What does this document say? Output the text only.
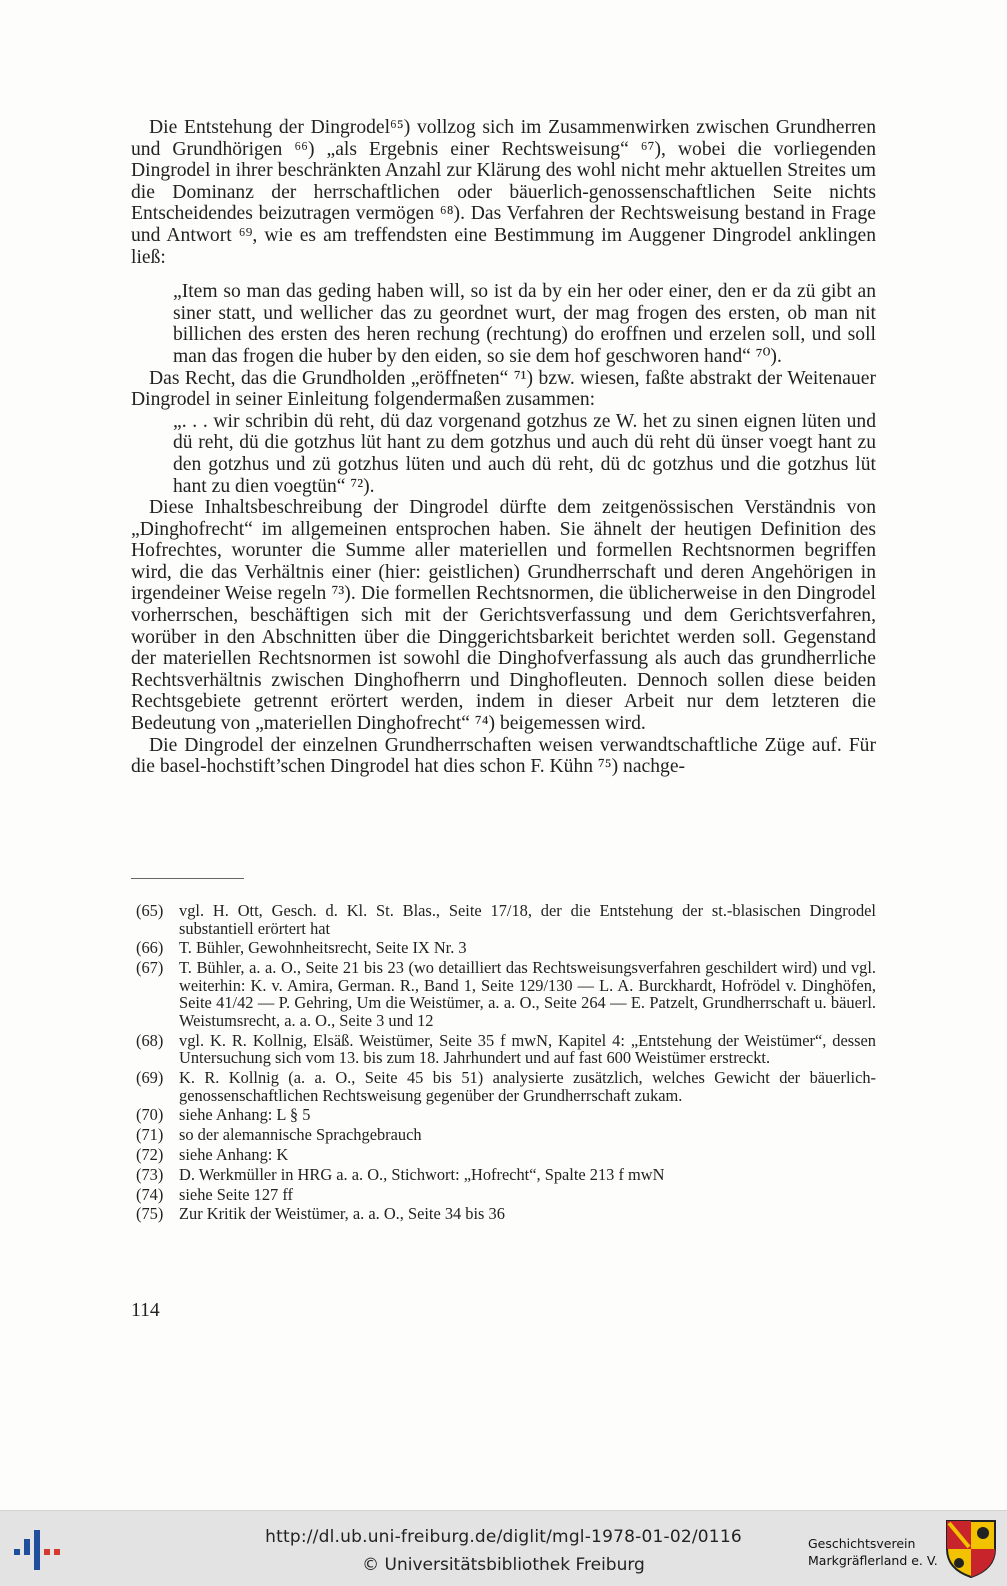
Die Entstehung der Dingrodel⁶⁵) vollzog sich im Zusammenwirken zwischen Grundherren und Grundhörigen ⁶⁶) „als Ergebnis einer Rechtsweisung“ ⁶⁷), wobei die vorliegenden Dingrodel in ihrer beschränkten Anzahl zur Klärung des wohl nicht mehr aktuellen Streites um die Dominanz der herrschaftlichen oder bäuerlich-genossenschaftlichen Seite nichts Entscheidendes beizutragen vermögen ⁶⁸). Das Verfahren der Rechtsweisung bestand in Frage und Antwort ⁶⁹, wie es am treffendsten eine Bestimmung im Auggener Dingrodel anklingen ließ:

„Item so man das geding haben will, so ist da by ein her oder einer, den er da zü gibt an siner statt, und wellicher das zu geordnet wurt, der mag frogen des ersten, ob man nit billichen des ersten des heren rechung (rechtung) do eroffnen und erzelen soll, und soll man das frogen die huber by den eiden, so sie dem hof geschworen hand“ ⁷⁰).

Das Recht, das die Grundholden „eröffneten“ ⁷¹) bzw. wiesen, faßte abstrakt der Weitenauer Dingrodel in seiner Einleitung folgendermaßen zusammen:

„. . . wir schribin dü reht, dü daz vorgenand gotzhus ze W. het zu sinen eignen lüten und dü reht, dü die gotzhus lüt hant zu dem gotzhus und auch dü reht dü ünser voegt hant zu den gotzhus und zü gotzhus lüten und auch dü reht, dü dc gotzhus und die gotzhus lüt hant zu dien voegtün“ ⁷²).

Diese Inhaltsbeschreibung der Dingrodel dürfte dem zeitgenössischen Verständnis von „Dinghofrecht“ im allgemeinen entsprochen haben. Sie ähnelt der heutigen Definition des Hofrechtes, worunter die Summe aller materiellen und formellen Rechtsnormen begriffen wird, die das Verhältnis einer (hier: geistlichen) Grundherrschaft und deren Angehörigen in irgendeiner Weise regeln ⁷³). Die formellen Rechtsnormen, die üblicherweise in den Dingrodel vorherrschen, beschäftigen sich mit der Gerichtsverfassung und dem Gerichtsverfahren, worüber in den Abschnitten über die Dinggerichtsbarkeit berichtet werden soll. Gegenstand der materiellen Rechtsnormen ist sowohl die Dinghofverfassung als auch das grundherrliche Rechtsverhältnis zwischen Dinghofherrn und Dinghofleuten. Dennoch sollen diese beiden Rechtsgebiete getrennt erörtert werden, indem in dieser Arbeit nur dem letzteren die Bedeutung von „materiellen Dinghofrecht“ ⁷⁴) beigemessen wird.

Die Dingrodel der einzelnen Grundherrschaften weisen verwandtschaftliche Züge auf. Für die basel-hochstift’schen Dingrodel hat dies schon F. Kühn ⁷⁵) nachge-

(65) vgl. H. Ott, Gesch. d. Kl. St. Blas., Seite 17/18, der die Entstehung der st.-blasischen Dingrodel substantiell erörtert hat
(66) T. Bühler, Gewohnheitsrecht, Seite IX Nr. 3
(67) T. Bühler, a. a. O., Seite 21 bis 23 (wo detailliert das Rechtsweisungsverfahren geschildert wird) und vgl. weiterhin: K. v. Amira, German. R., Band 1, Seite 129/130 — L. A. Burckhardt, Hofrödel v. Dinghöfen, Seite 41/42 — P. Gehring, Um die Weistümer, a. a. O., Seite 264 — E. Patzelt, Grundherrschaft u. bäuerl. Weistumsrecht, a. a. O., Seite 3 und 12
(68) vgl. K. R. Kollnig, Elsäß. Weistümer, Seite 35 f mwN, Kapitel 4: „Entstehung der Weistümer“, dessen Untersuchung sich vom 13. bis zum 18. Jahrhundert und auf fast 600 Weistümer erstreckt.
(69) K. R. Kollnig (a. a. O., Seite 45 bis 51) analysierte zusätzlich, welches Gewicht der bäuerlich-genossenschaftlichen Rechtsweisung gegenüber der Grundherrschaft zukam.
(70) siehe Anhang: L § 5
(71) so der alemannische Sprachgebrauch
(72) siehe Anhang: K
(73) D. Werkmüller in HRG a. a. O., Stichwort: „Hofrecht“, Spalte 213 f mwN
(74) siehe Seite 127 ff
(75) Zur Kritik der Weistümer, a. a. O., Seite 34 bis 36
114
http://dl.ub.uni-freiburg.de/diglit/mgl-1978-01-02/0116
© Universitätsbibliothek Freiburg
Geschichtsverein
Markgräflerland e. V.
